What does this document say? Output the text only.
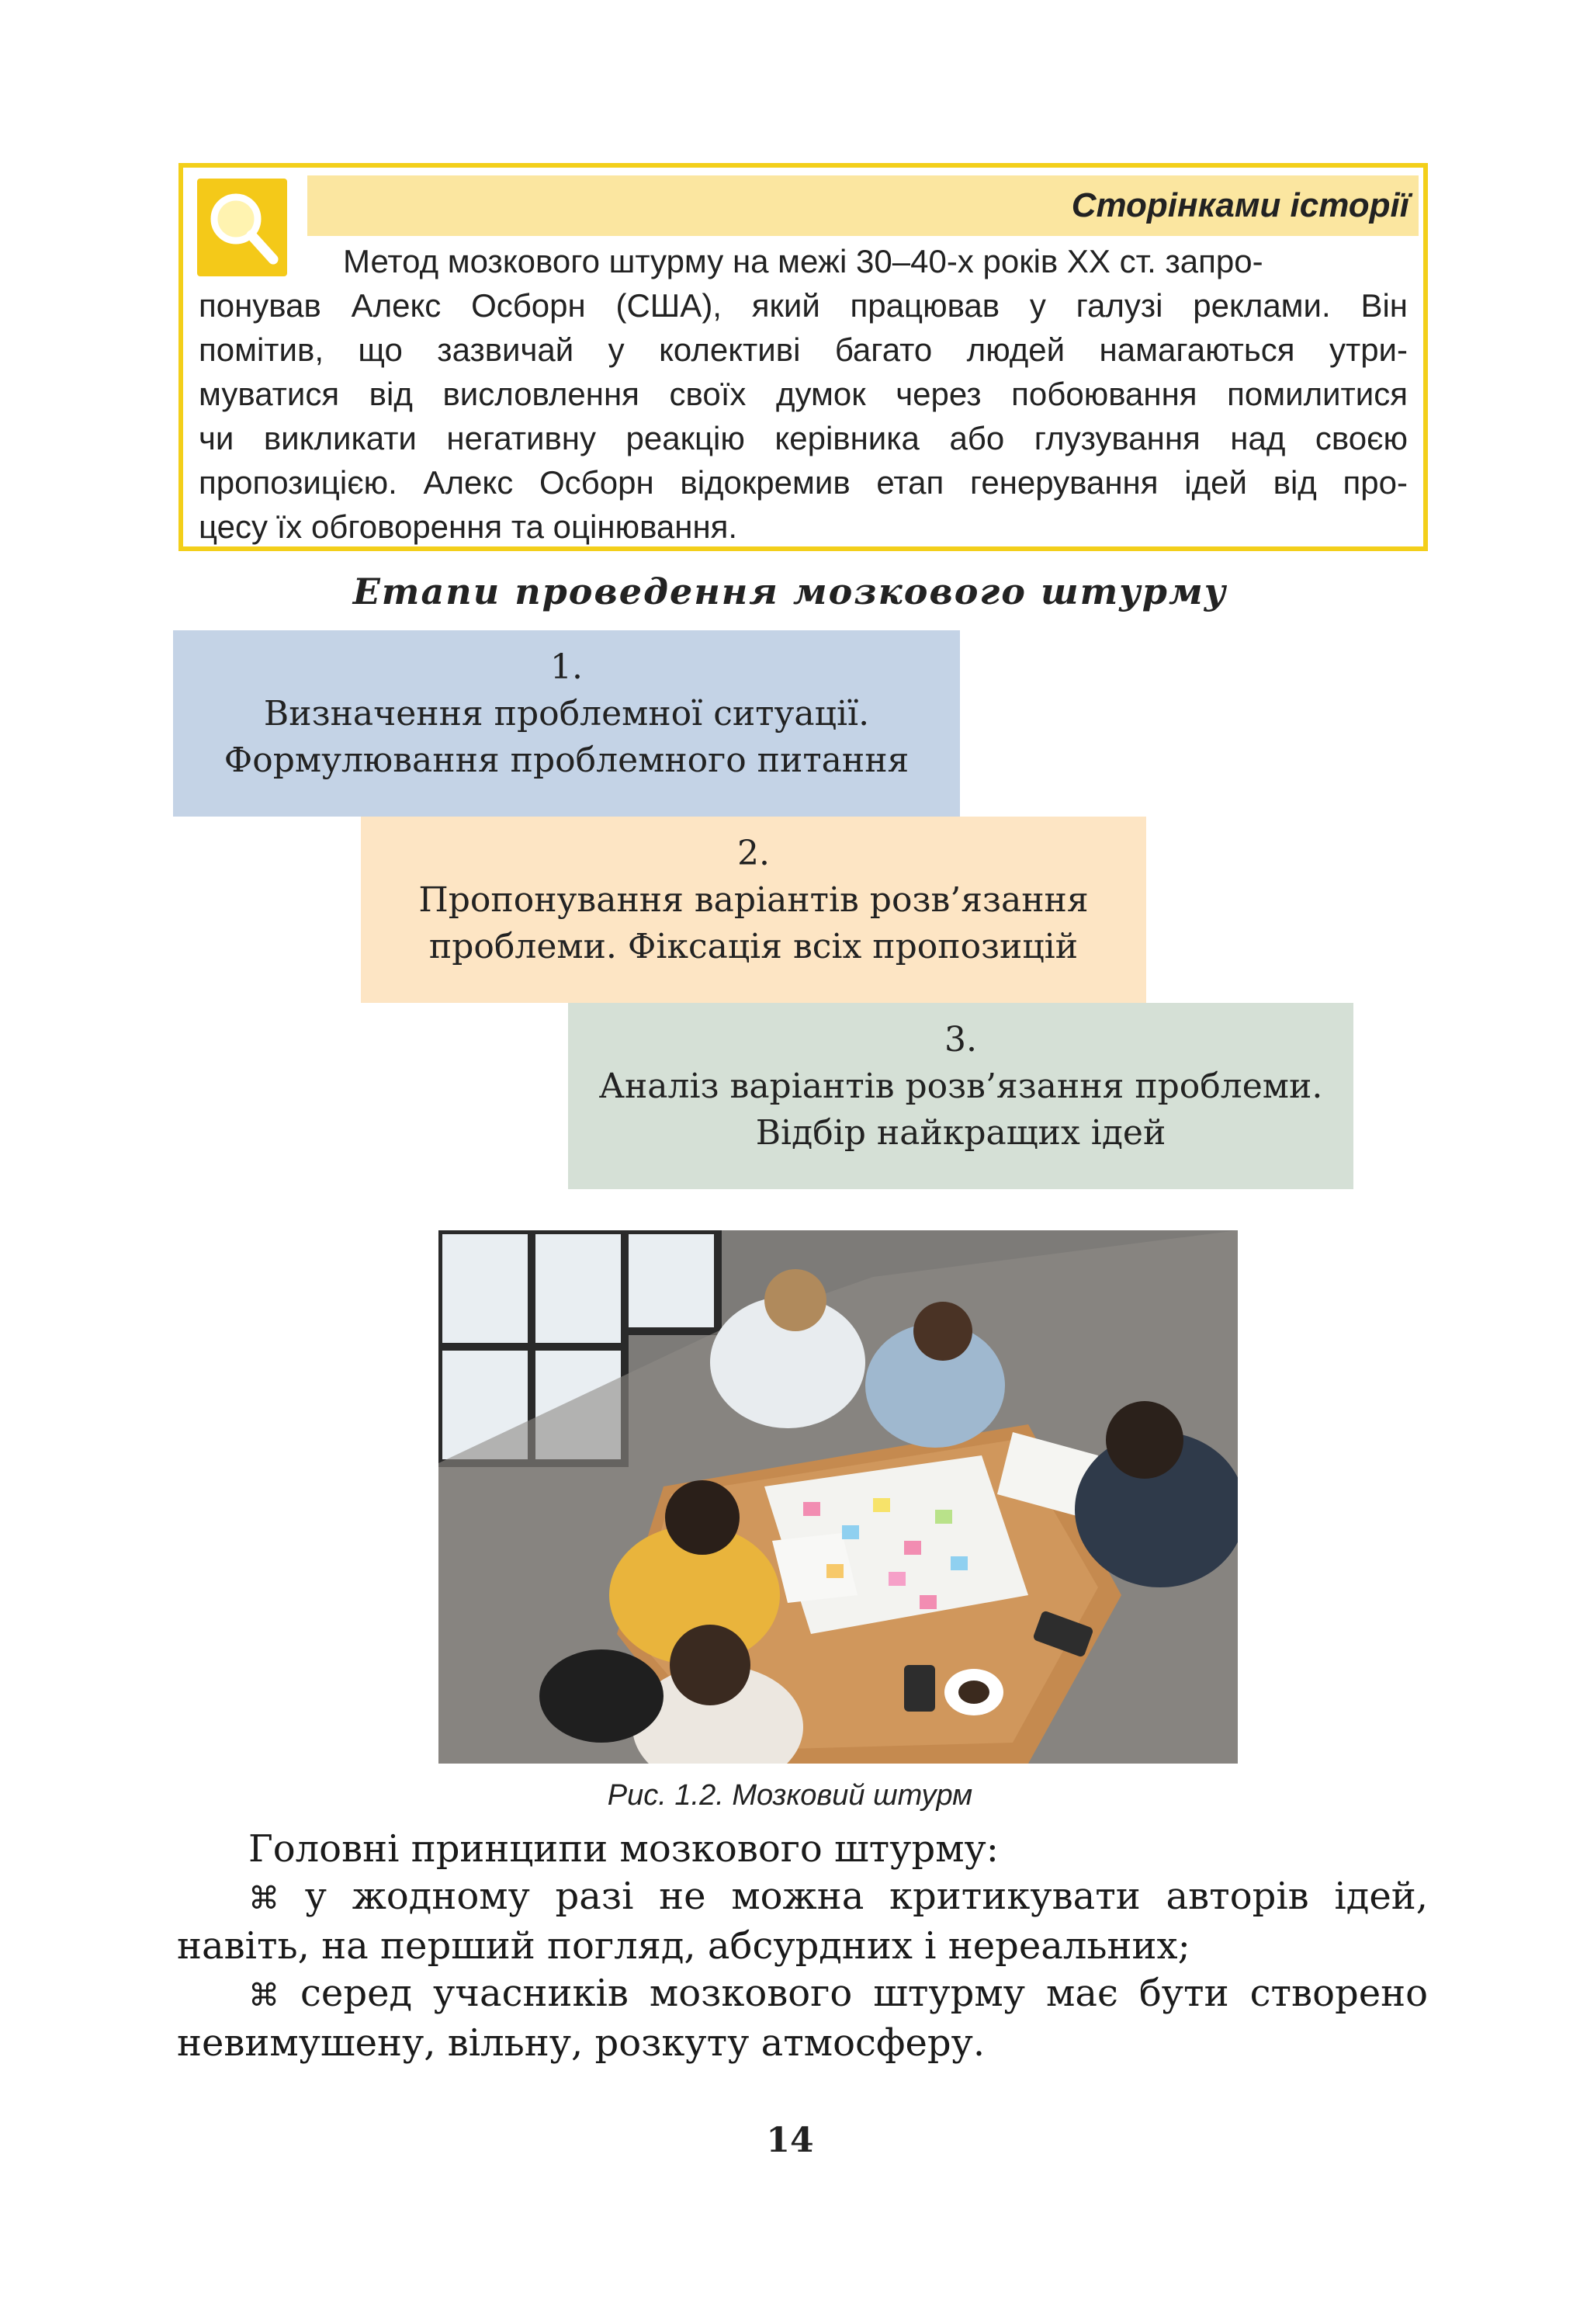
Сторінками історії
Метод мозкового штурму на межі 30–40-х років ХХ ст. запро-
понував Алекс Осборн (США), який працював у галузі реклами. Він
помітив, що зазвичай у колективі багато людей намагаються утри-
муватися від висловлення своїх думок через побоювання помилитися
чи викликати негативну реакцію керівника або глузування над своєю
пропозицією. Алекс Осборн відокремив етап генерування ідей від про-
цесу їх обговорення та оцінювання.
Етапи проведення мозкового штурму
1.
Визначення проблемної ситуації.
Формулювання проблемного питання
2.
Пропонування варіантів розв’язання
проблеми. Фіксація всіх пропозицій
3.
Аналіз варіантів розв’язання проблеми.
Відбір найкращих ідей
Рис. 1.2. Мозковий штурм

Головні принципи мозкового штурму:

⌘ у жодному разі не можна критикувати авторів ідей,

навіть, на перший погляд, абсурдних і нереальних;

⌘ серед учасників мозкового штурму має бути створено

невимушену, вільну, розкуту атмосферу.

14
